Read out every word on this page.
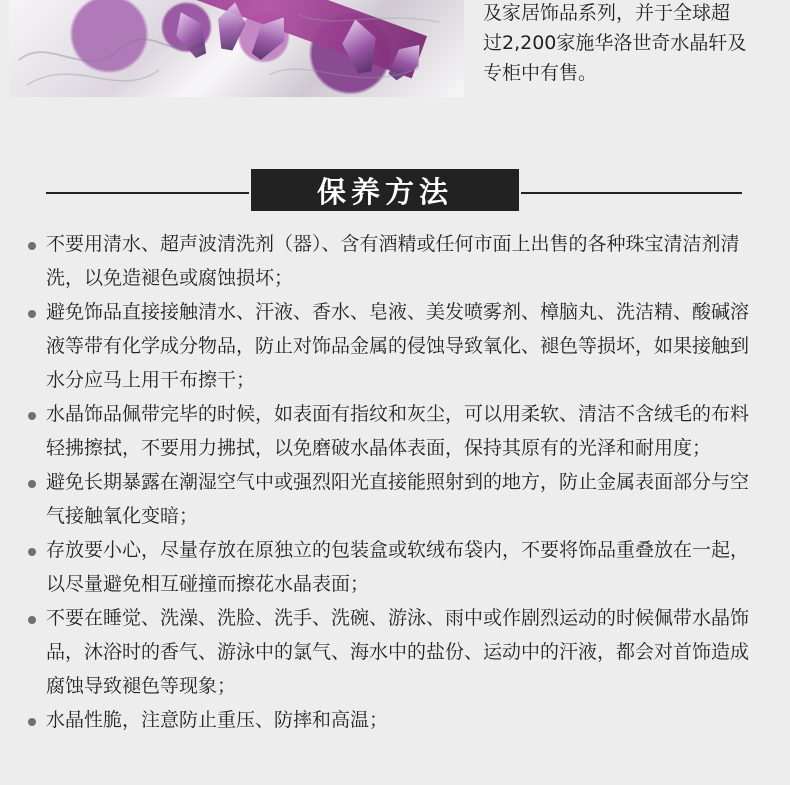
及家居饰品系列，并于全球超
过2,200家施华洛世奇水晶轩及
专柜中有售。
保养方法
不要用清水、超声波清洗剂（器）、含有酒精或任何市面上出售的各种珠宝清洁剂清洗，以免造褪色或腐蚀损坏；
避免饰品直接接触清水、汗液、香水、皂液、美发喷雾剂、樟脑丸、洗洁精、酸碱溶液等带有化学成分物品，防止对饰品金属的侵蚀导致氧化、褪色等损坏，如果接触到水分应马上用干布擦干；
水晶饰品佩带完毕的时候，如表面有指纹和灰尘，可以用柔软、清洁不含绒毛的布料轻拂擦拭，不要用力拂拭，以免磨破水晶体表面，保持其原有的光泽和耐用度；
避免长期暴露在潮湿空气中或强烈阳光直接能照射到的地方，防止金属表面部分与空气接触氧化变暗；
存放要小心，尽量存放在原独立的包装盒或软绒布袋内，不要将饰品重叠放在一起，以尽量避免相互碰撞而擦花水晶表面；
不要在睡觉、洗澡、洗脸、洗手、洗碗、游泳、雨中或作剧烈运动的时候佩带水晶饰品，沐浴时的香气、游泳中的氯气、海水中的盐份、运动中的汗液，都会对首饰造成腐蚀导致褪色等现象；
水晶性脆，注意防止重压、防摔和高温；
